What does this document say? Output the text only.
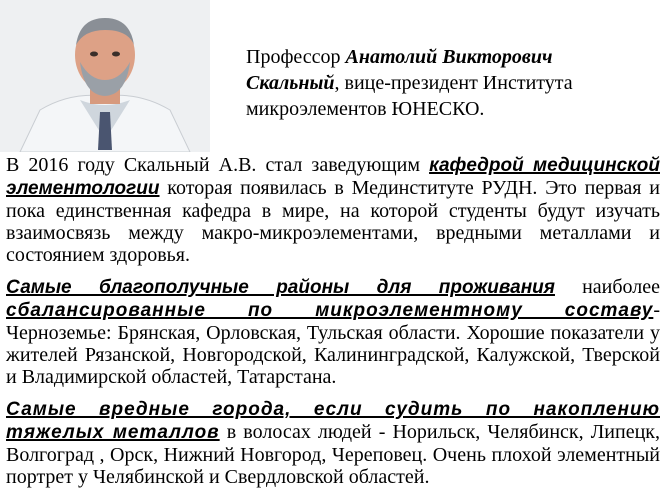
Профессор Анатолий Викторович Скальный, вице-президент Института микроэлементов ЮНЕСКО.
В 2016 году Скальный А.В. стал заведующим кафедрой медицинской элементологии которая появилась в Мединституте РУДН. Это первая и пока единственная кафедра в мире, на которой студенты будут изучать взаимосвязь между макро-микроэлементами, вредными металлами и состоянием здоровья.
Самые благополучные районы для проживания наиболее сбалансированные по микроэлементному составу- Черноземье: Брянская, Орловская, Тульская области. Хорошие показатели у жителей Рязанской, Новгородской, Калининградской, Калужской, Тверской и Владимирской областей, Татарстана.
Самые вредные города, если судить по накоплению тяжелых металлов в волосах людей - Норильск, Челябинск, Липецк, Волгоград , Орск, Нижний Новгород, Череповец. Очень плохой элементный портрет у Челябинской и Свердловской областей.
